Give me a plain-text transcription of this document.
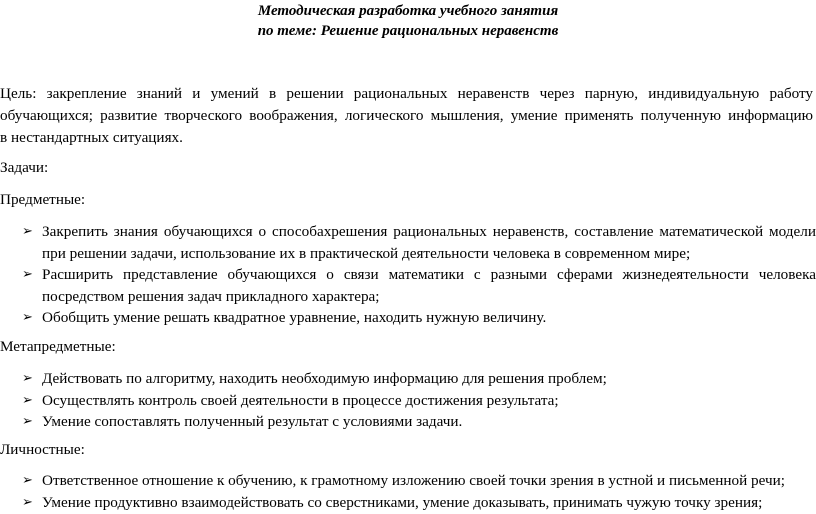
Методическая разработка учебного занятия
по теме: Решение рациональных неравенств
Цель: закрепление знаний и умений в решении рациональных неравенств через парную, индивидуальную работу
обучающихся; развитие творческого воображения, логического мышления, умение применять полученную информацию
в нестандартных ситуациях.
Задачи:
Предметные:
➢ Закрепить знания обучающихся о способахрешения рациональных неравенств, составление математической модели при решении задачи, использование их в практической деятельности человека в современном мире;
➢ Расширить представление обучающихся о связи математики с разными сферами жизнедеятельности человека посредством решения задач прикладного характера;
➢ Обобщить умение решать квадратное уравнение, находить нужную величину.
Метапредметные:
➢ Действовать по алгоритму, находить необходимую информацию для решения проблем;
➢ Осуществлять контроль своей деятельности в процессе достижения результата;
➢ Умение сопоставлять полученный результат с условиями задачи.
Личностные:
➢ Ответственное отношение к обучению, к грамотному изложению своей точки зрения в устной и письменной речи;
➢ Умение продуктивно взаимодействовать со сверстниками, умение доказывать, принимать чужую точку зрения;
